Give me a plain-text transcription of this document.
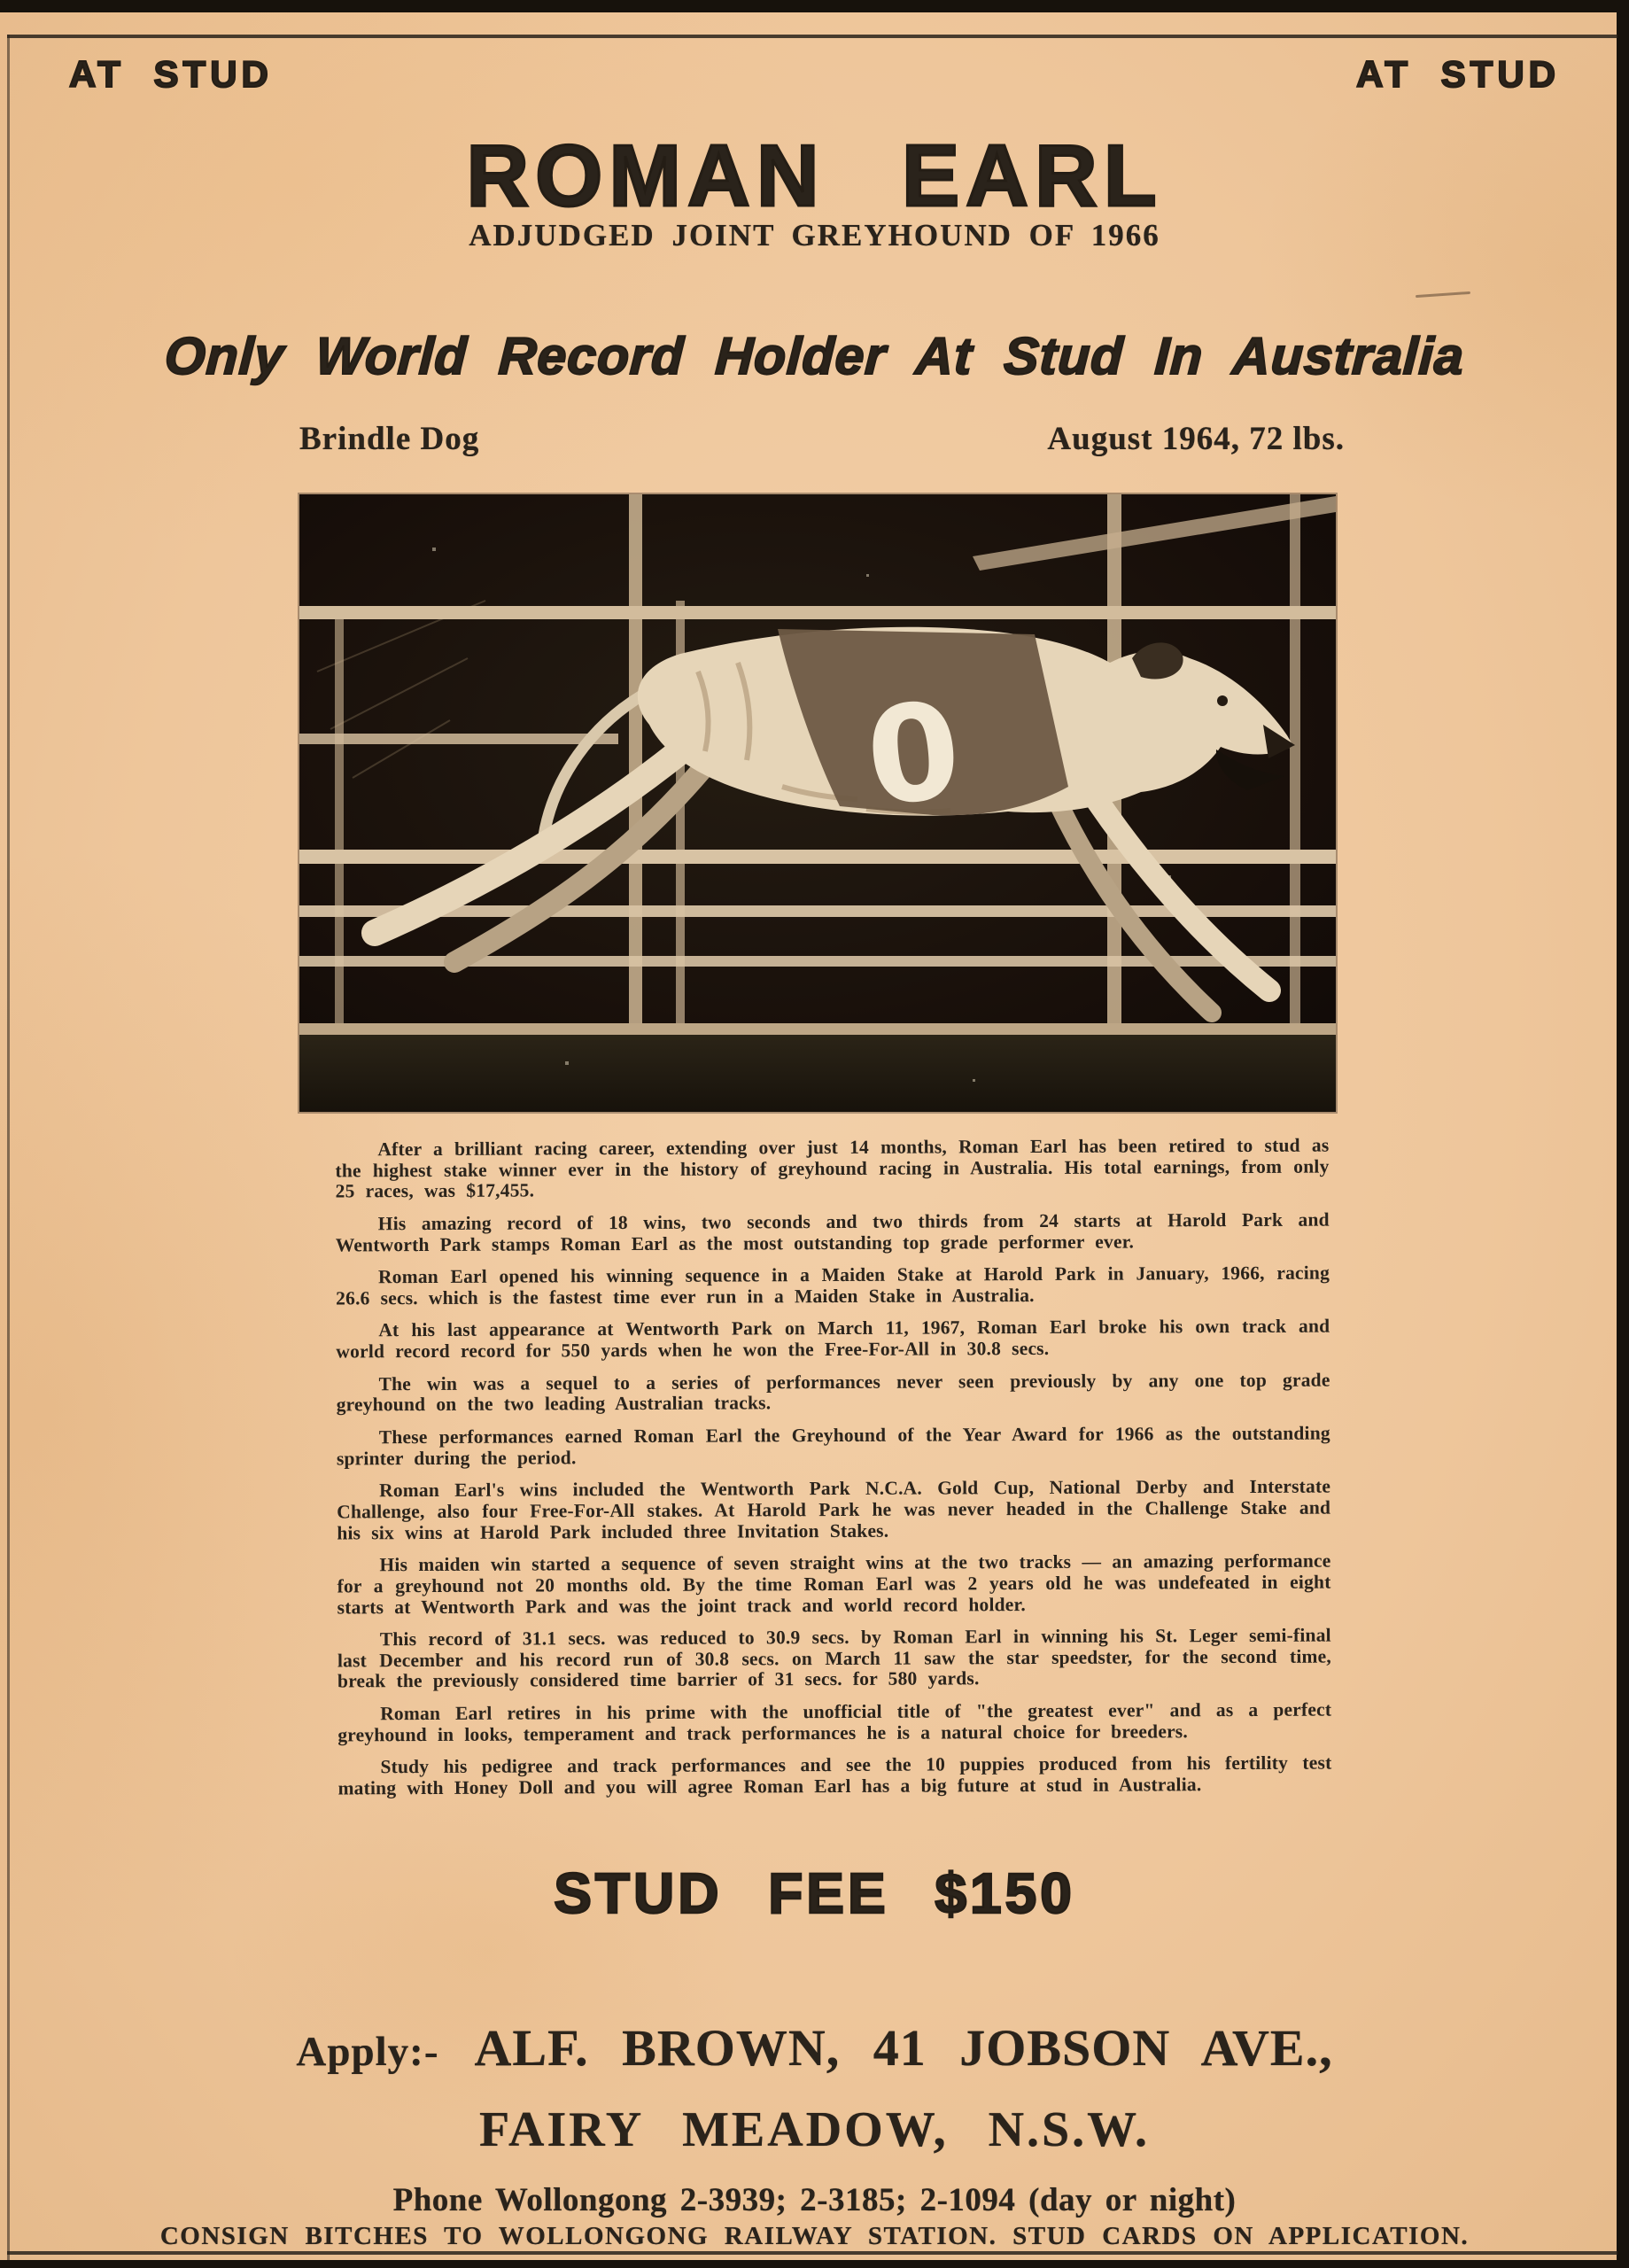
AT STUD	AT STUD
ROMAN EARL
ADJUDGED JOINT GREYHOUND OF 1966
Only World Record Holder At Stud In Australia
Brindle Dog	August 1964, 72 lbs.
0

After a brilliant racing career, extending over just 14 months, Roman Earl has been retired to stud as the highest stake winner ever in the history of greyhound racing in Australia. His total earnings, from only 25 races, was $17,455.

His amazing record of 18 wins, two seconds and two thirds from 24 starts at Harold Park and Wentworth Park stamps Roman Earl as the most outstanding top grade performer ever.

Roman Earl opened his winning sequence in a Maiden Stake at Harold Park in January, 1966, racing 26.6 secs. which is the fastest time ever run in a Maiden Stake in Australia.

At his last appearance at Wentworth Park on March 11, 1967, Roman Earl broke his own track and world record record for 550 yards when he won the Free-For-All in 30.8 secs.

The win was a sequel to a series of performances never seen previously by any one top grade greyhound on the two leading Australian tracks.

These performances earned Roman Earl the Greyhound of the Year Award for 1966 as the outstanding sprinter during the period.

Roman Earl's wins included the Wentworth Park N.C.A. Gold Cup, National Derby and Interstate Challenge, also four Free-For-All stakes. At Harold Park he was never headed in the Challenge Stake and his six wins at Harold Park included three Invitation Stakes.

His maiden win started a sequence of seven straight wins at the two tracks — an amazing performance for a greyhound not 20 months old. By the time Roman Earl was 2 years old he was undefeated in eight starts at Wentworth Park and was the joint track and world record holder.

This record of 31.1 secs. was reduced to 30.9 secs. by Roman Earl in winning his St. Leger semi-final last December and his record run of 30.8 secs. on March 11 saw the star speedster, for the second time, break the previously considered time barrier of 31 secs. for 580 yards.

Roman Earl retires in his prime with the unofficial title of "the greatest ever" and as a perfect greyhound in looks, temperament and track performances he is a natural choice for breeders.

Study his pedigree and track performances and see the 10 puppies produced from his fertility test mating with Honey Doll and you will agree Roman Earl has a big future at stud in Australia.

STUD FEE $150
Apply:- ALF. BROWN, 41 JOBSON AVE.,
FAIRY MEADOW, N.S.W.
Phone Wollongong 2-3939; 2-3185; 2-1094 (day or night)
CONSIGN BITCHES TO WOLLONGONG RAILWAY STATION. STUD CARDS ON APPLICATION.
